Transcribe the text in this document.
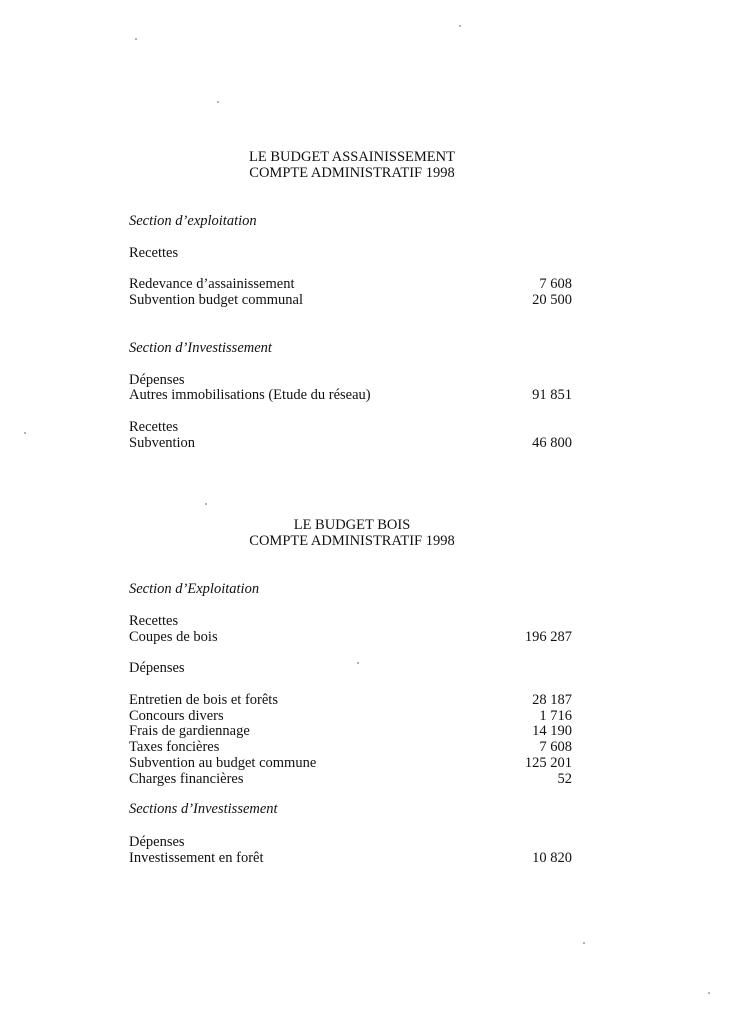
LE BUDGET ASSAINISSEMENT
COMPTE ADMINISTRATIF 1998
Section d’exploitation
Recettes
Redevance d’assainissement	7 608
Subvention budget communal	20 500
Section d’Investissement
Dépenses
Autres immobilisations (Etude du réseau)	91 851
Recettes
Subvention	46 800
LE BUDGET BOIS
COMPTE ADMINISTRATIF 1998
Section d’Exploitation
Recettes
Coupes de bois	196 287
Dépenses
Entretien de bois et forêts	28 187
Concours divers	1 716
Frais de gardiennage	14 190
Taxes foncières	7 608
Subvention au budget commune	125 201
Charges financières	52
Sections d’Investissement
Dépenses
Investissement en forêt	10 820
